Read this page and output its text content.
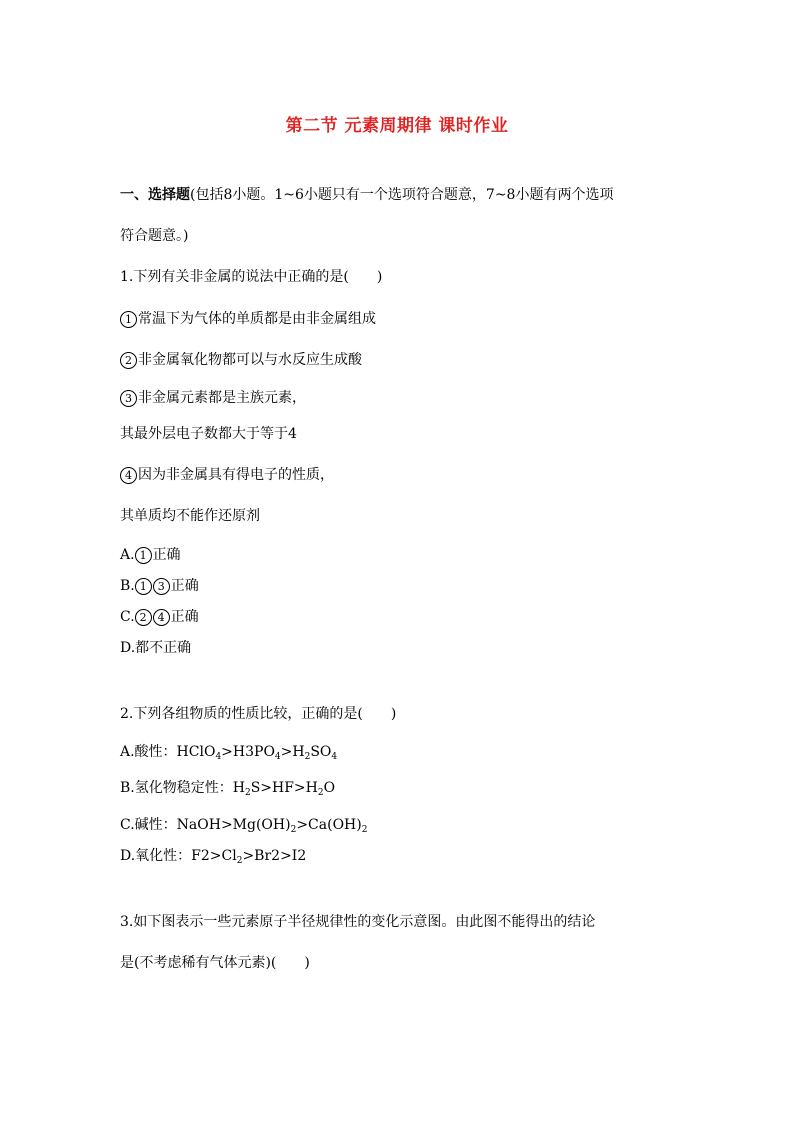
第二节 元素周期律 课时作业
一、选择题(包括8小题。1~6小题只有一个选项符合题意，7~8小题有两个选项
符合题意。)
1.下列有关非金属的说法中正确的是(　　)
1 常温下为气体的单质都是由非金属组成
2 非金属氧化物都可以与水反应生成酸
3 非金属元素都是主族元素，
其最外层电子数都大于等于4
4 因为非金属具有得电子的性质，
其单质均不能作还原剂
A. 1 正确
B. 1 3 正确
C. 2 4 正确
D.都不正确
2.下列各组物质的性质比较，正确的是(　　)
A.酸性：$HClO_4>H3PO_4>H_2SO_4$
B.氢化物稳定性：$H_2S>HF>H_2O$
C.碱性：$NaOH>Mg(OH)_2>Ca(OH)_2$
D.氧化性：$F2>Cl_2>Br2>I2$
3.如下图表示一些元素原子半径规律性的变化示意图。由此图不能得出的结论
是(不考虑稀有气体元素)(　　)
